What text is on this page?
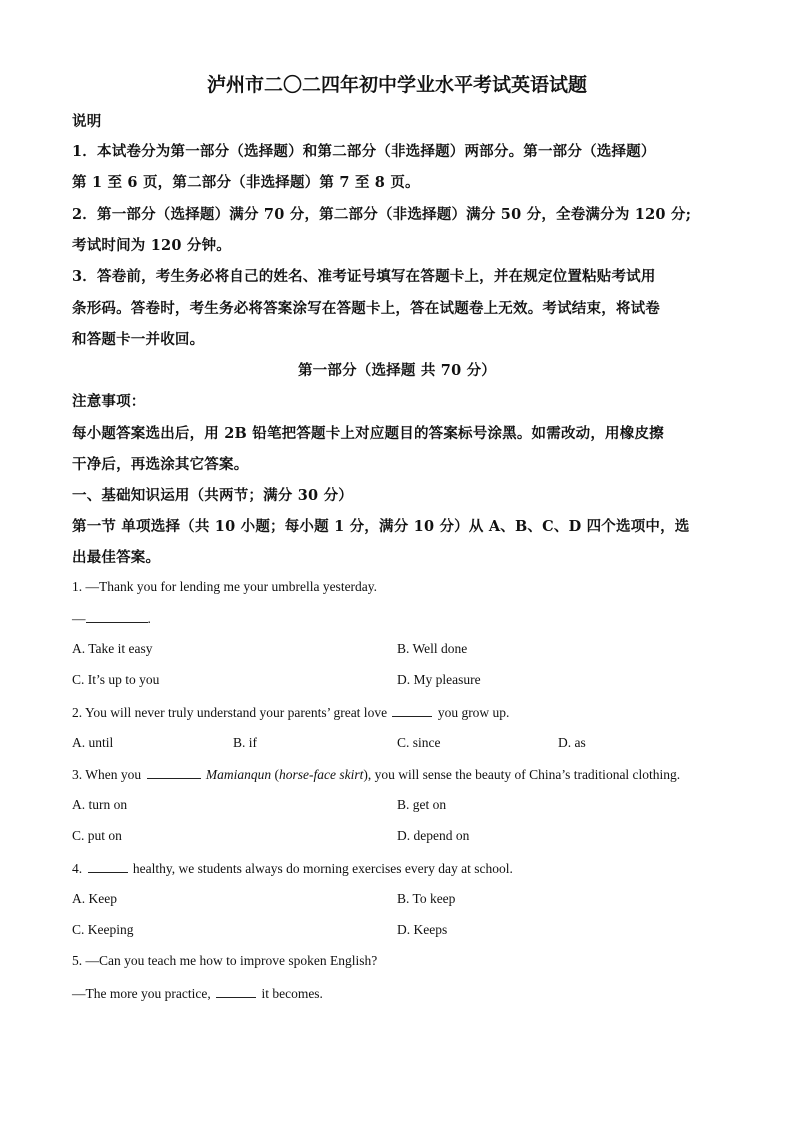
泸州市二〇二四年初中学业水平考试英语试题
说明
1．本试卷分为第一部分（选择题）和第二部分（非选择题）两部分。第一部分（选择题）
第 1 至 6 页，第二部分（非选择题）第 7 至 8 页。
2．第一部分（选择题）满分 70 分，第二部分（非选择题）满分 50 分，全卷满分为 120 分;
考试时间为 120 分钟。
3．答卷前，考生务必将自己的姓名、准考证号填写在答题卡上，并在规定位置粘贴考试用
条形码。答卷时，考生务必将答案涂写在答题卡上，答在试题卷上无效。考试结束，将试卷
和答题卡一并收回。
第一部分（选择题 共 70 分）
注意事项：
每小题答案选出后，用 2B 铅笔把答题卡上对应题目的答案标号涂黑。如需改动，用橡皮擦
干净后，再选涂其它答案。
一、基础知识运用（共两节；满分 30 分）
第一节 单项选择（共 10 小题；每小题 1 分，满分 10 分）从 A、B、C、D 四个选项中，选
出最佳答案。
1. —Thank you for lending me your umbrella yesterday.
—	.
A. Take it easy	B. Well done
C. It’s up to you	D. My pleasure
2. You will never truly understand your parents’ great love	you grow up.
A. until	B. if	C. since	D. as
3. When you	Mamianqun (horse-face skirt), you will sense the beauty of China’s traditional clothing.
A. turn on	B. get on
C. put on	D. depend on
4.	healthy, we students always do morning exercises every day at school.
A. Keep	B. To keep
C. Keeping	D. Keeps
5. —Can you teach me how to improve spoken English?
—The more you practice,	it becomes.
